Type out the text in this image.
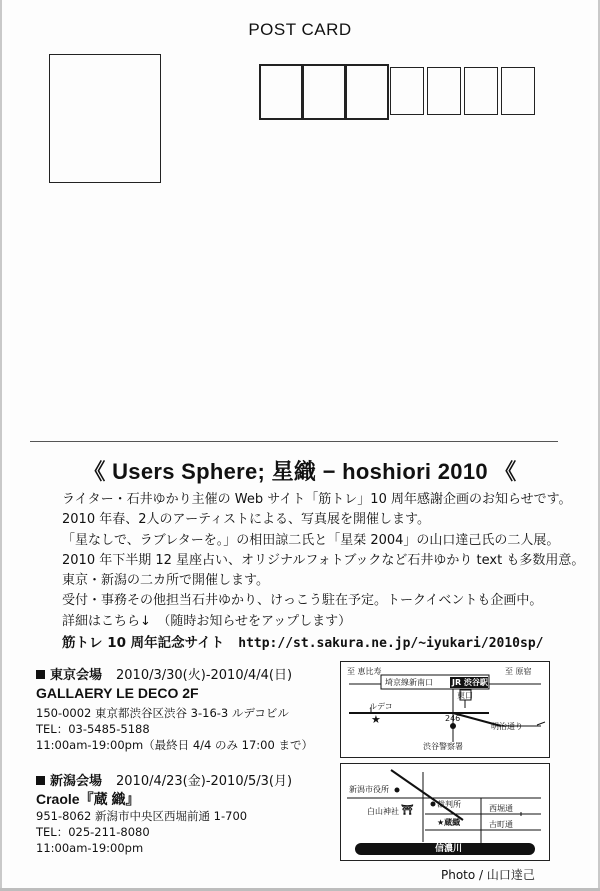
POST CARD
《 Users Sphere; 星織 − hoshiori 2010 《
ライター・石井ゆかり主催の Web サイト「筋トレ」10 周年感謝企画のお知らせです。
2010 年春、2人のアーティストによる、写真展を開催します。
「星なしで、ラブレターを。」の相田諒二氏と「星栞 2004」の山口達己氏の二人展。
2010 年下半期 12 星座占い、オリジナルフォトブックなど石井ゆかり text も多数用意。
東京・新潟の二カ所で開催します。
受付・事務その他担当石井ゆかり、けっこう駐在予定。トークイベントも企画中。
詳細はこちら↓　（随時お知らせをアップします）
筋トレ 10 周年記念サイト http://st.sakura.ne.jp/~iyukari/2010sp/
東京会場 2010/3/30(火)-2010/4/4(日)
GALLAERY LE DECO 2F
150-0002 東京都渋谷区渋谷 3-16-3 ルデコビル
TEL：03-5485-5188
11:00am-19:00pm（最終日 4/4 のみ 17:00 まで）
至 恵比寿	至 原宿
埼京線新南口 JR 渋谷駅
東口
ルデコ
★	246
明治通り
渋谷警察署
新潟会場 2010/4/23(金)-2010/5/3(月)
Craole『蔵 織』
951-8062 新潟市中央区西堀前通 1-700
TEL：025-211-8080
11:00am-19:00pm
新潟市役所
白山神社 ⛩
裁判所
★蔵織
西堀通
古町通
信濃川
Photo / 山口達己
